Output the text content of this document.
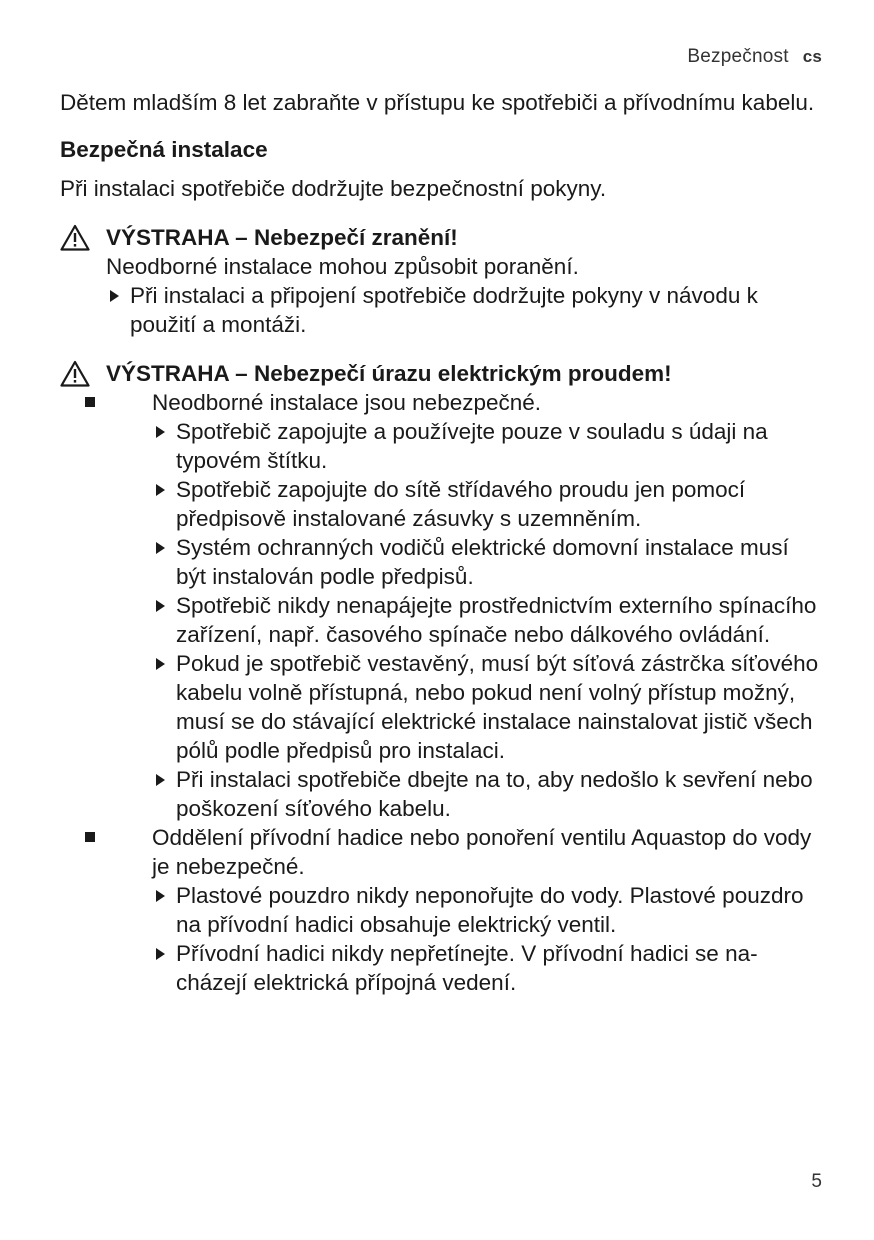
Bezpečnost cs

Dětem mladším 8 let zabraňte v přístupu ke spotřebiči a přívodnímu kabelu.

Bezpečná instalace

Při instalaci spotřebiče dodržujte bezpečnostní pokyny.

VÝSTRAHA – Nebezpečí zranění!
Neodborné instalace mohou způsobit poranění.
Při instalaci a připojení spotřebiče dodržujte pokyny v návodu k použití a montáži.
VÝSTRAHA – Nebezpečí úrazu elektrickým proudem!
Neodborné instalace jsou nebezpečné.
Spotřebič zapojujte a používejte pouze v souladu s údaji na typovém štítku.
Spotřebič zapojujte do sítě střídavého proudu jen pomocí předpisově instalované zásuvky s uzemněním.
Systém ochranných vodičů elektrické domovní instalace musí být instalován podle předpisů.
Spotřebič nikdy nenapájejte prostřednictvím externího spínacího zařízení, např. časového spínače nebo dálkového ovládání.
Pokud je spotřebič vestavěný, musí být síťová zástrčka síťového kabelu volně přístupná, nebo pokud není volný přístup možný, musí se do stávající elektrické instalace nainstalovat jistič všech pólů podle předpisů pro instalaci.
Při instalaci spotřebiče dbejte na to, aby nedošlo k sevření nebo poškození síťového kabelu.
Oddělení přívodní hadice nebo ponoření ventilu Aquastop do vody je nebezpečné.
Plastové pouzdro nikdy neponořujte do vody. Plastové pouzdro na přívodní hadici obsahuje elektrický ventil.
Přívodní hadici nikdy nepřetínejte. V přívodní hadici se nacházejí elektrická přípojná vedení.
5
